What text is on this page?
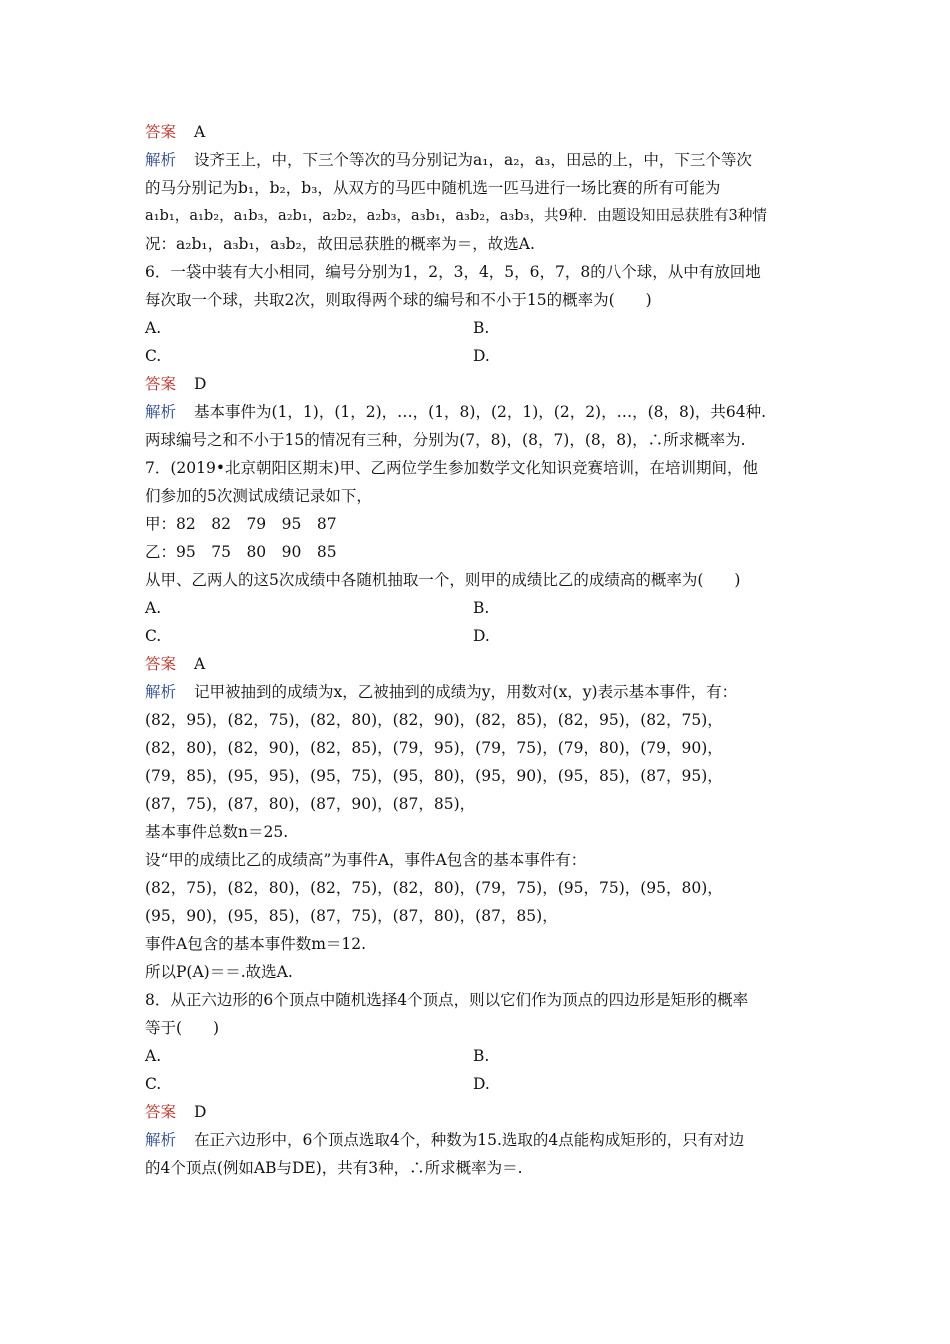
答案 A
解析 设齐王上，中，下三个等次的马分别记为a₁，a₂，a₃，田忌的上，中，下三个等次
的马分别记为b₁，b₂，b₃，从双方的马匹中随机选一匹马进行一场比赛的所有可能为
a₁b₁，a₁b₂，a₁b₃，a₂b₁，a₂b₂，a₂b₃，a₃b₁，a₃b₂，a₃b₃，共9种．由题设知田忌获胜有3种情
况：a₂b₁，a₃b₁，a₃b₂，故田忌获胜的概率为＝，故选A.
6．一袋中装有大小相同，编号分别为1，2，3，4，5，6，7，8的八个球，从中有放回地
每次取一个球，共取2次，则取得两个球的编号和不小于15的概率为(　　)
A.	B.
C.	D.
答案 D
解析 基本事件为(1，1)，(1，2)，…，(1，8)，(2，1)，(2，2)，…，(8，8)，共64种.
两球编号之和不小于15的情况有三种，分别为(7，8)，(8，7)，(8，8)，∴所求概率为.
7．(2019•北京朝阳区期末)甲、乙两位学生参加数学文化知识竞赛培训，在培训期间，他
们参加的5次测试成绩记录如下，
甲：82　82　79　95　87
乙：95　75　80　90　85
从甲、乙两人的这5次成绩中各随机抽取一个，则甲的成绩比乙的成绩高的概率为(　　)
A.	B.
C.	D.
答案 A
解析 记甲被抽到的成绩为x，乙被抽到的成绩为y，用数对(x，y)表示基本事件，有：
(82，95)，(82，75)，(82，80)，(82，90)，(82，85)，(82，95)，(82，75)，
(82，80)，(82，90)，(82，85)，(79，95)，(79，75)，(79，80)，(79，90)，
(79，85)，(95，95)，(95，75)，(95，80)，(95，90)，(95，85)，(87，95)，
(87，75)，(87，80)，(87，90)，(87，85)，
基本事件总数n＝25.
设“甲的成绩比乙的成绩高”为事件A，事件A包含的基本事件有：
(82，75)，(82，80)，(82，75)，(82，80)，(79，75)，(95，75)，(95，80)，
(95，90)，(95，85)，(87，75)，(87，80)，(87，85)，
事件A包含的基本事件数m＝12.
所以P(A)＝＝.故选A.
8．从正六边形的6个顶点中随机选择4个顶点，则以它们作为顶点的四边形是矩形的概率
等于(　　)
A.	B.
C.	D.
答案 D
解析 在正六边形中，6个顶点选取4个，种数为15.选取的4点能构成矩形的，只有对边
的4个顶点(例如AB与DE)，共有3种，∴所求概率为＝.
